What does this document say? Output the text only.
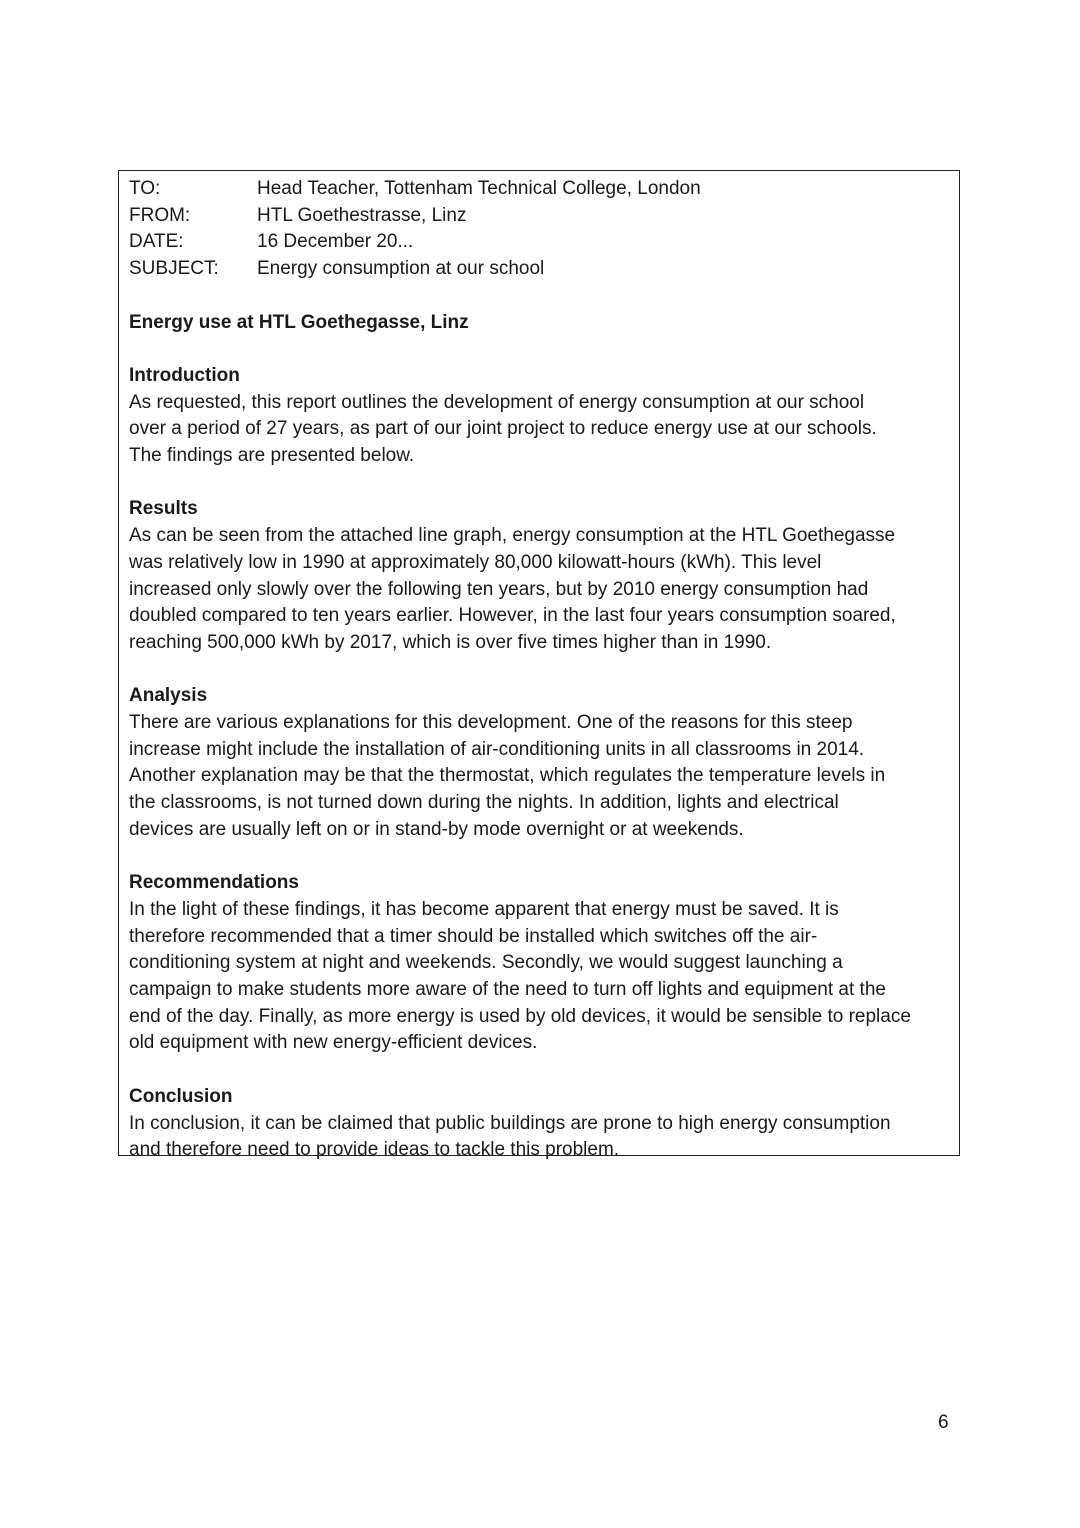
TO:	Head Teacher, Tottenham Technical College, London
FROM:	HTL Goethestrasse, Linz
DATE:	16 December 20...
SUBJECT:	Energy consumption at our school
Energy use at HTL Goethegasse, Linz
Introduction

As requested, this report outlines the development of energy consumption at our school

over a period of 27 years, as part of our joint project to reduce energy use at our schools.

The findings are presented below.

Results

As can be seen from the attached line graph, energy consumption at the HTL Goethegasse

was relatively low in 1990 at approximately 80,000 kilowatt-hours (kWh). This level

increased only slowly over the following ten years, but by 2010 energy consumption had

doubled compared to ten years earlier. However, in the last four years consumption soared,

reaching 500,000 kWh by 2017, which is over five times higher than in 1990.

Analysis

There are various explanations for this development. One of the reasons for this steep

increase might include the installation of air-conditioning units in all classrooms in 2014.

Another explanation may be that the thermostat, which regulates the temperature levels in

the classrooms, is not turned down during the nights. In addition, lights and electrical

devices are usually left on or in stand-by mode overnight or at weekends.

Recommendations

In the light of these findings, it has become apparent that energy must be saved. It is

therefore recommended that a timer should be installed which switches off the air-

conditioning system at night and weekends. Secondly, we would suggest launching a

campaign to make students more aware of the need to turn off lights and equipment at the

end of the day. Finally, as more energy is used by old devices, it would be sensible to replace

old equipment with new energy-efficient devices.

Conclusion

In conclusion, it can be claimed that public buildings are prone to high energy consumption

and therefore need to provide ideas to tackle this problem.

6
